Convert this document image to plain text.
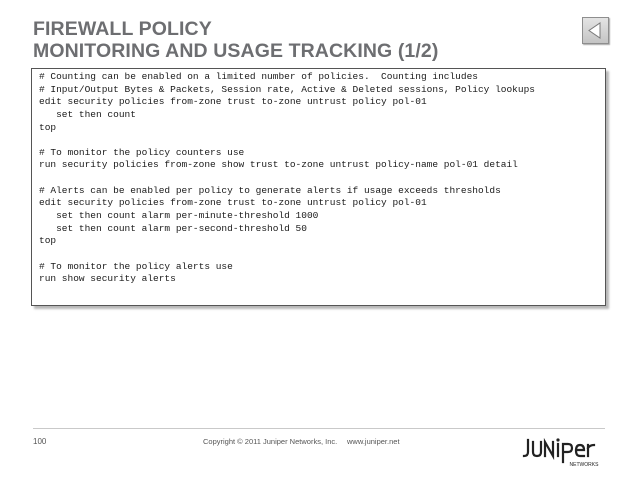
FIREWALL POLICY
MONITORING AND USAGE TRACKING (1/2)
# Counting can be enabled on a limited number of policies.  Counting includes
# Input/Output Bytes & Packets, Session rate, Active & Deleted sessions, Policy lookups
edit security policies from-zone trust to-zone untrust policy pol-01
set then count
top
# To monitor the policy counters use
run security policies from-zone show trust to-zone untrust policy-name pol-01 detail
# Alerts can be enabled per policy to generate alerts if usage exceeds thresholds
edit security policies from-zone trust to-zone untrust policy pol-01
set then count alarm per-minute-threshold 1000
set then count alarm per-second-threshold 50
top
# To monitor the policy alerts use
run show security alerts
100	Copyright © 2011 Juniper Networks, Inc. www.juniper.net
NETWORKS
